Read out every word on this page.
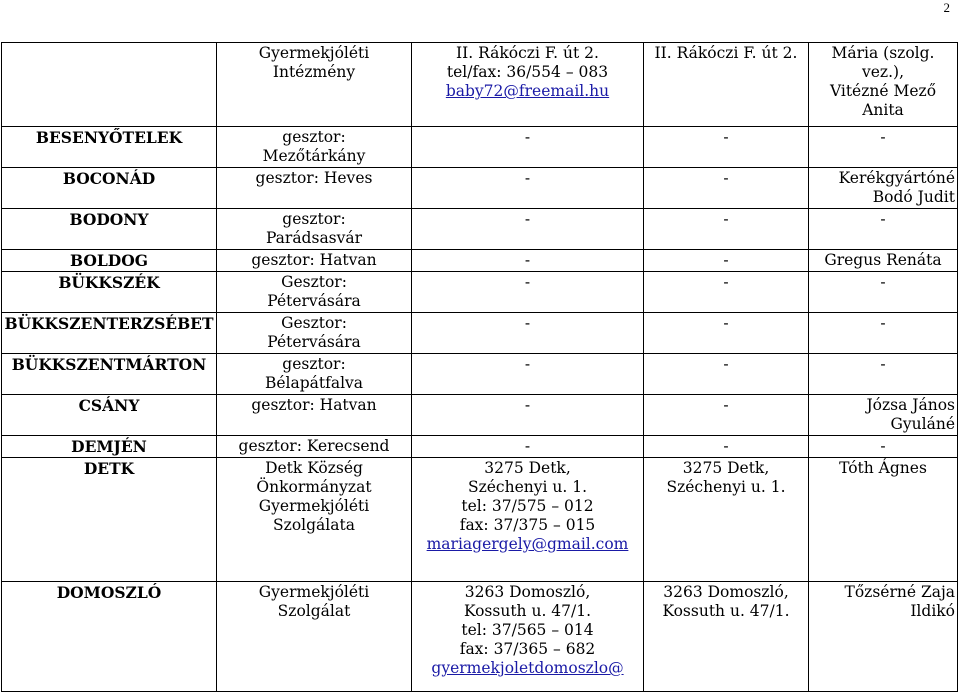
2

	Gyermekjóléti
Intézmény	II. Rákóczi F. út 2.
tel/fax: 36/554 – 083
baby72@freemail.hu	II. Rákóczi F. út 2.	Mária (szolg.
vez.),
Vitézné Mező
Anita

BESENYŐTELEK	gesztor:
Mezőtárkány	-	-	-

BOCONÁD	gesztor: Heves	-	-	Kerékgyártóné
Bodó Judit

BODONY	gesztor:
Parádsasvár	-	-	-

BOLDOG	gesztor: Hatvan	-	-	Gregus Renáta

BÜKKSZÉK	Gesztor:
Pétervására	-	-	-

BÜKKSZENTERZSÉBET	Gesztor:
Pétervására	-	-	-

BÜKKSZENTMÁRTON	gesztor:
Bélapátfalva	-	-	-

CSÁNY	gesztor: Hatvan	-	-	Józsa János
Gyuláné

DEMJÉN	gesztor: Kerecsend	-	-	-

DETK	Detk Község
Önkormányzat
Gyermekjóléti
Szolgálata	3275 Detk,
Széchenyi u. 1.
tel: 37/575 – 012
fax: 37/375 – 015
mariagergely@gmail.com	3275 Detk,
Széchenyi u. 1.	Tóth Ágnes

DOMOSZLÓ	Gyermekjóléti
Szolgálat	3263 Domoszló,
Kossuth u. 47/1.
tel: 37/565 – 014
fax: 37/365 – 682
gyermekjoletdomoszlo@	3263 Domoszló,
Kossuth u. 47/1.	Tőzsérné Zaja
Ildikó
